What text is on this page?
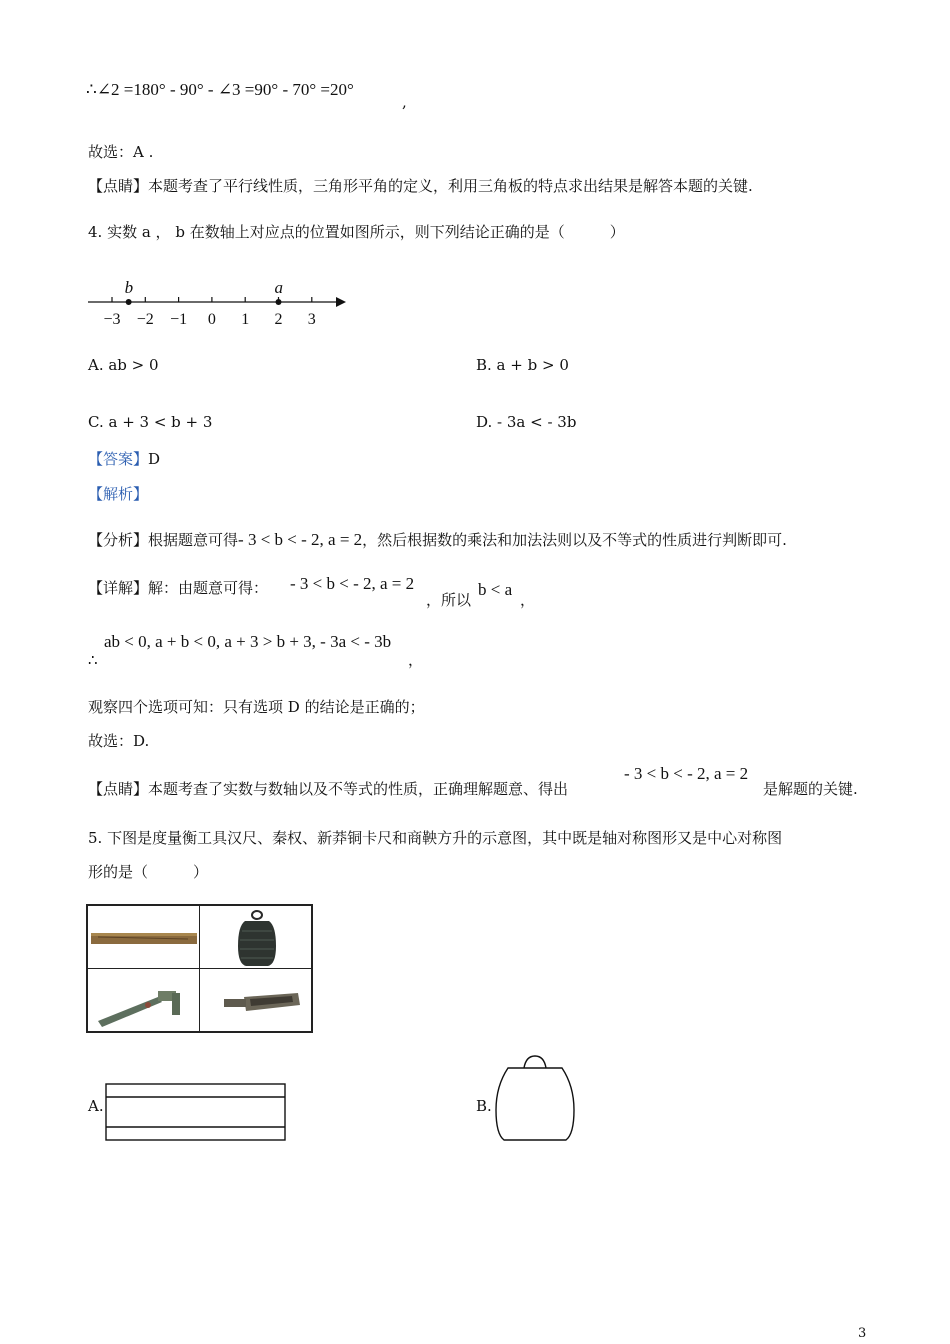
∴∠2 =180° - 90° - ∠3 =90° - 70° =20°
,
故选：A .
【点睛】本题考查了平行线性质，三角形平角的定义，利用三角板的特点求出结果是解答本题的关键.
4. 实数 a ， b 在数轴上对应点的位置如图所示，则下列结论正确的是（　　　）
−3 −2 −1 0 1 2 3
b	a
A. ab > 0	B. a + b > 0
C. a + 3 < b + 3	D. - 3a < - 3b
【答案】D
【解析】
【分析】根据题意可得- 3 < b < - 2, a = 2，然后根据数的乘法和加法法则以及不等式的性质进行判断即可.
【详解】解：由题意可得： - 3 < b < - 2, a = 2
，所以
b < a
，
∴
ab < 0, a + b < 0, a + 3 > b + 3, - 3a < - 3b
，
观察四个选项可知：只有选项 D 的结论是正确的；
故选：D.
【点睛】本题考查了实数与数轴以及不等式的性质，正确理解题意、得出
- 3 < b < - 2, a = 2
是解题的关键.
5. 下图是度量衡工具汉尺、秦权、新莽铜卡尺和商鞅方升的示意图，其中既是轴对称图形又是中心对称图
形的是（　　　）
A.	B.
3
